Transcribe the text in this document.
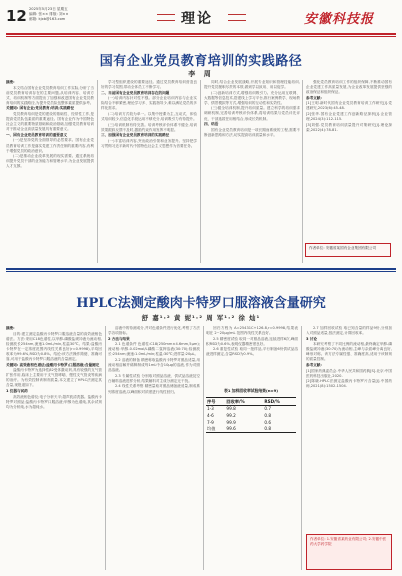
12 2025年5月23日 星期五
编辑: 张×× 排版: 刘××
邮箱: kjxb@163.com	理论	安徽科技报
国有企业党员教育培训的实践路径
李 周

摘要:

本文结合国有企业党员教育培训工作实际,分析了当前党员教育培训存在的主要问题,从培训内容、培训方式、培训机制等方面提出了加强和改进国有企业党员教育培训的实践路径,为提升党员队伍整体素质提供参考。

关键词: 国有企业;党员教育;培训;实践路径

党员教育培训是党的建设的基础性、经常性工作,是提高党员队伍素质的重要途径。国有企业作为中国特色社会主义的重要物质基础和政治基础,加强党员教育培训对于推动企业高质量发展具有重要意义。

一、国有企业党员教育培训的重要意义

(一)是坚持党的全面领导的必然要求。国有企业党员教育培训工作是落实党建工作责任制的重要内容,有利于增强党员的政治意识。

(二)是推动企业改革发展的现实需要。通过系统培训提升党员干部的业务能力和管理水平,为企业发展提供人才支撑。

学习型组织建设的重要途径。通过党员教育培训营造良好的学习氛围,带动全体员工不断学习。

二、当前国有企业党员教育培训存在的问题

(一)培训内容针对性不强。部分企业培训内容与企业实际结合不够紧密,理论学习多、实践指导少,难以满足党员的多样化需求。

(二)培训方式较为单一。以集中授课为主,互动式、体验式培训较少,信息化手段运用不够充分,培训吸引力有待提升。

(三)培训机制有待完善。培训考核评价体系不健全,培训效果跟踪反馈不及时,激励约束作用发挥不明显。

三、加强国有企业党员教育培训的实践路径

(一)丰富培训内容,突出政治引领和业务提升。坚持把学习贯彻习近平新时代中国特色社会主义思想作为首要任务。

同时,结合企业发展战略,开展专业知识和管理技能培训,提升党员履职尽责的本领,做到学以致用、用以促学。

(二)创新培训方式,增强培训吸引力。充分运用互联网、大数据等信息技术,搭建线上学习平台,推行案例教学、现场教学、情景模拟等方式,增强培训的互动性和实效性。

(三)健全培训机制,提升培训质量。建立科学的培训需求调研机制,完善培训考核评价体系,将培训结果与党员评先评优、干部选拔任用相结合,形成长效机制。

四、结语

国有企业党员教育培训是一项长期而系统的工程,需要不断创新思路和方法,切实提高培训质量和水平。

强化党员教育培训工作的组织保障,不断推动国有企业党建工作高质量发展,为企业改革发展提供坚强的政治保证和组织保证。

参考文献:

[1]王明.新时代国有企业党员教育培训工作研究[J].党建研究,2023(6):45-48.

[2]张华.国有企业党建工作创新路径探析[J].企业管理,2024(3):112-115.

[3]刘强.党员教育培训质量提升对策研究[J].理论探索,2022(4):78-81.

作者单位: 安徽省某国有企业集团有限公司
HPLC法测定酸肉卡特罗口服溶液含量研究
舒 嘉¹·² 黄 妮¹·² 周 军¹·² 徐 灿¹

摘要:

目的:建立测定盐酸丙卡特罗口服溶液含量的高效液相色谱法。方法:采用C18色谱柱,以甲醇-磷酸盐缓冲液为流动相,检测波长254nm,流速1.0mL/min,柱温30℃。结果:盐酸丙卡特罗在一定浓度范围内线性关系良好(r=0.9998),平均回收率为99.6%,RSD为0.8%。结论:该方法操作简便、准确可靠,可用于盐酸丙卡特罗口服溶液的含量测定。

关键词: 高效液相色谱法;盐酸丙卡特罗;口服溶液;含量测定

盐酸丙卡特罗为选择性β2受体激动剂,具有较强的支气管扩张作用,临床上主要用于支气管哮喘、慢性支气管炎等疾病的治疗。为有效控制该制剂质量,本文建立了HPLC法测定其含量,现报道如下。

1 仪器与试药

高效液相色谱仪;电子分析天平;超声波清洗器。盐酸丙卡特罗对照品;盐酸丙卡特罗口服溶液;甲醇为色谱纯,其余试剂均为分析纯,水为超纯水。

溶液中的待测成分,并对色谱条件进行优化,考察了方法学各项指标。

2 方法与结果

2.1 色谱条件 色谱柱:C18(250mm×4.6mm,5μm);流动相:甲醇-0.02mol/L磷酸二氢钾溶液(30:70);检测波长:254nm;流速:1.0mL/min;柱温:30℃;进样量:20μL。

2.2 溶液的制备 精密称取盐酸丙卡特罗对照品适量,用流动相溶解并稀释制成每1mL中含10μg的溶液,作为对照品溶液。

2.3 专属性试验 分别取对照品溶液、供试品溶液及空白辅料溶液进样分析,结果辅料对主成分测定无干扰。

2.4 线性关系考察 精密量取对照品储备液适量,制成系列浓度溶液,以峰面积对浓度进行线性回归。

回归方程为 A=25431C+126.8,r=0.9998,结果表明在 2~20μg/mL 范围内线性关系良好。

2.5 精密度试验 取同一对照品溶液,连续进样6次,峰面积RSD为0.6%,表明仪器精密度良好。

2.6 重复性试验 取同一批样品,平行制备6份供试品溶液进样测定,含量RSD为0.9%。

表1 加样回收率试验结果(n=9)
序号	回收率/%	RSD/%
1-3	99.8	0.7
4-6	99.2	0.8
7-9	99.9	0.6
均值	99.6	0.8

2.7 加样回收试验 取已知含量的样品9份,分别加入对照品适量,按法测定,计算回收率。

3 讨论

本研究考察了不同比例的流动相,最终确定甲醇-磷酸盐缓冲液(30:70)为流动相,主峰与杂质峰分离良好,峰形对称。该方法专属性强、准确度高,适用于该制剂的质量控制。

参考文献:

[1]国家药典委员会.中华人民共和国药典[S].北京:中国医药科技出版社,2020.

[2]陈晓.HPLC法测定盐酸丙卡特罗片含量[J].中国药师,2021(8):1502-1504.

作者单位: 1.安徽省某药业有限公司; 2.安徽中医药大学药学院
